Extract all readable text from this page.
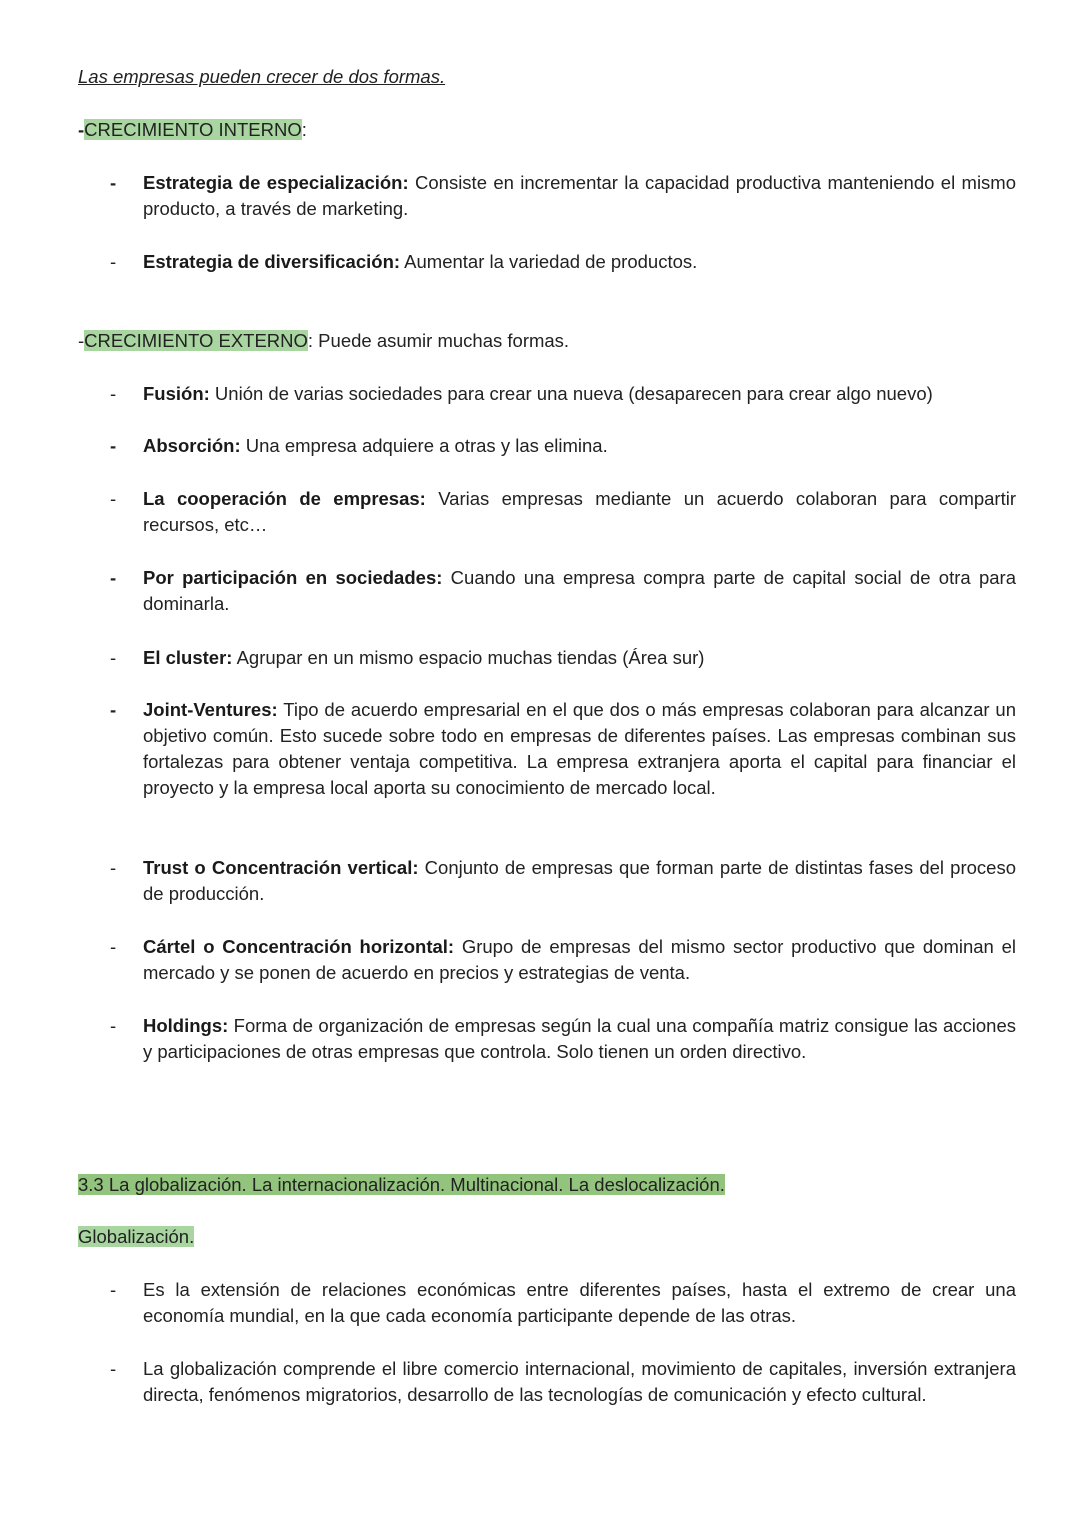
Las empresas pueden crecer de dos formas.
-CRECIMIENTO INTERNO:
-	Estrategia de especialización: Consiste en incrementar la capacidad productiva manteniendo el mismo producto, a través de marketing.
-	Estrategia de diversificación: Aumentar la variedad de productos.
-CRECIMIENTO EXTERNO: Puede asumir muchas formas.
-	Fusión: Unión de varias sociedades para crear una nueva (desaparecen para crear algo nuevo)
-	Absorción: Una empresa adquiere a otras y las elimina.
-	La cooperación de empresas: Varias empresas mediante un acuerdo colaboran para compartir recursos, etc…
-	Por participación en sociedades: Cuando una empresa compra parte de capital social de otra para dominarla.
-	El cluster: Agrupar en un mismo espacio muchas tiendas (Área sur)
-	Joint-Ventures: Tipo de acuerdo empresarial en el que dos o más empresas colaboran para alcanzar un objetivo común. Esto sucede sobre todo en empresas de diferentes países. Las empresas combinan sus fortalezas para obtener ventaja competitiva. La empresa extranjera aporta el capital para financiar el proyecto y la empresa local aporta su conocimiento de mercado local.
-	Trust o Concentración vertical: Conjunto de empresas que forman parte de distintas fases del proceso de producción.
-	Cártel o Concentración horizontal: Grupo de empresas del mismo sector productivo que dominan el mercado y se ponen de acuerdo en precios y estrategias de venta.
-	Holdings: Forma de organización de empresas según la cual una compañía matriz consigue las acciones y participaciones de otras empresas que controla. Solo tienen un orden directivo.
3.3 La globalización. La internacionalización. Multinacional. La deslocalización.
Globalización.
-	Es la extensión de relaciones económicas entre diferentes países, hasta el extremo de crear una economía mundial, en la que cada economía participante depende de las otras.
-	La globalización comprende el libre comercio internacional, movimiento de capitales, inversión extranjera directa, fenómenos migratorios, desarrollo de las tecnologías de comunicación y efecto cultural.
